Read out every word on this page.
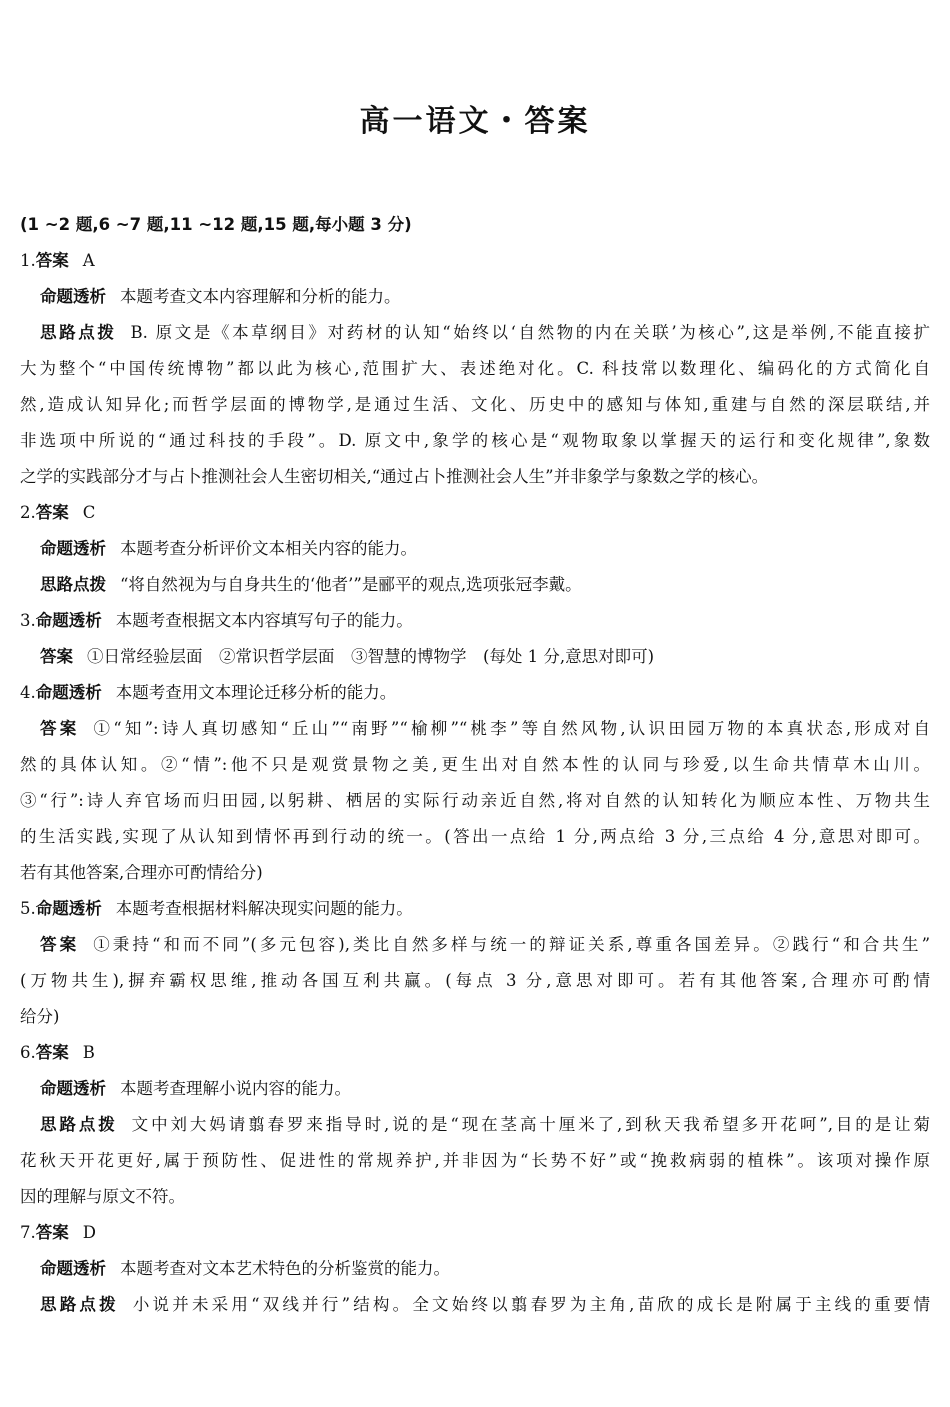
高一语文・答案

(1 ~2 题,6 ~7 题,11 ~12 题,15 题,每小题 3 分)

1.答案 A

命题透析 本题考查文本内容理解和分析的能力。

思路点拨 B. 原文是《本草纲目》对药材的认知“始终以‘自然物的内在关联’为核心”,这是举例,不能直接扩

大为整个“中国传统博物”都以此为核心,范围扩大、表述绝对化。C. 科技常以数理化、编码化的方式简化自

然,造成认知异化;而哲学层面的博物学,是通过生活、文化、历史中的感知与体知,重建与自然的深层联结,并

非选项中所说的“通过科技的手段”。D. 原文中,象学的核心是“观物取象以掌握天的运行和变化规律”,象数

之学的实践部分才与占卜推测社会人生密切相关,“通过占卜推测社会人生”并非象学与象数之学的核心。

2.答案 C

命题透析 本题考查分析评价文本相关内容的能力。

思路点拨 “将自然视为与自身共生的‘他者’”是郦平的观点,选项张冠李戴。

3.命题透析 本题考查根据文本内容填写句子的能力。

答案 ①日常经验层面　②常识哲学层面　③智慧的博物学　(每处 1 分,意思对即可)

4.命题透析 本题考查用文本理论迁移分析的能力。

答案 ①“知”:诗人真切感知“丘山”“南野”“榆柳”“桃李”等自然风物,认识田园万物的本真状态,形成对自

然的具体认知。②“情”:他不只是观赏景物之美,更生出对自然本性的认同与珍爱,以生命共情草木山川。

③“行”:诗人弃官场而归田园,以躬耕、栖居的实际行动亲近自然,将对自然的认知转化为顺应本性、万物共生

的生活实践,实现了从认知到情怀再到行动的统一。(答出一点给 1 分,两点给 3 分,三点给 4 分,意思对即可。

若有其他答案,合理亦可酌情给分)

5.命题透析 本题考查根据材料解决现实问题的能力。

答案 ①秉持“和而不同”(多元包容),类比自然多样与统一的辩证关系,尊重各国差异。②践行“和合共生”

(万物共生),摒弃霸权思维,推动各国互利共赢。(每点 3 分,意思对即可。若有其他答案,合理亦可酌情

给分)

6.答案 B

命题透析 本题考查理解小说内容的能力。

思路点拨 文中刘大妈请翦春罗来指导时,说的是“现在茎高十厘米了,到秋天我希望多开花呵”,目的是让菊

花秋天开花更好,属于预防性、促进性的常规养护,并非因为“长势不好”或“挽救病弱的植株”。该项对操作原

因的理解与原文不符。

7.答案 D

命题透析 本题考查对文本艺术特色的分析鉴赏的能力。

思路点拨 小说并未采用“双线并行”结构。全文始终以翦春罗为主角,苗欣的成长是附属于主线的重要情
